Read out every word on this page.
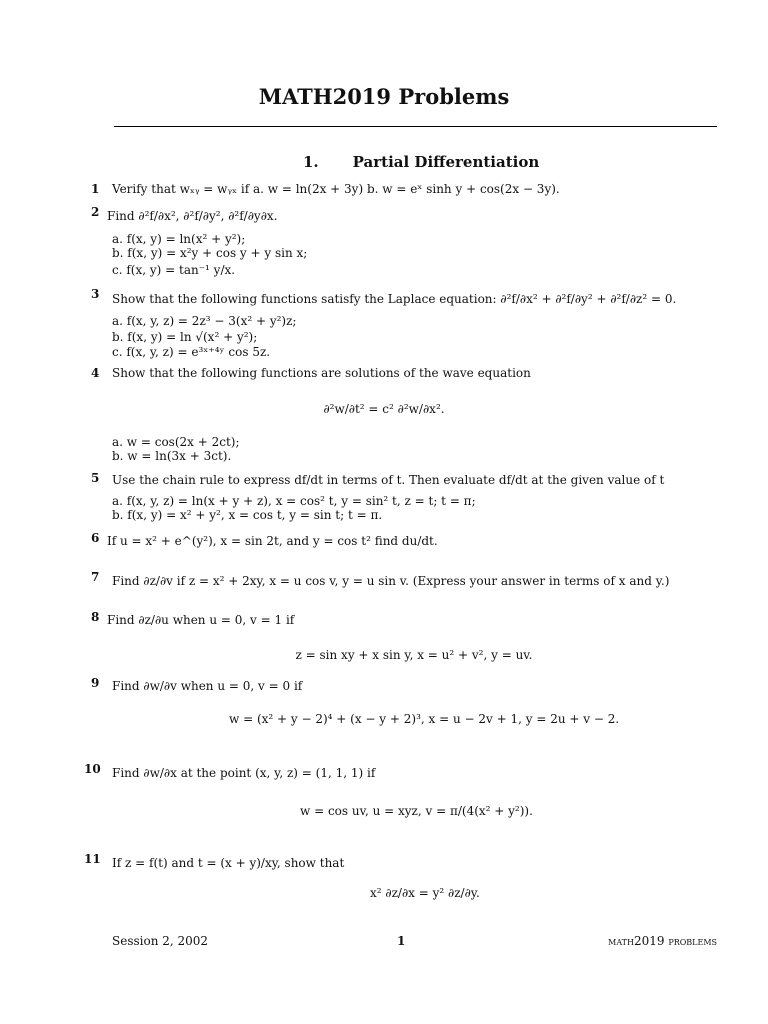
MATH2019 Problems
1. Partial Differentiation
1 Verify that wₓᵧ = wᵧₓ if a. w = ln(2x + 3y) b. w = eˣ sinh y + cos(2x − 3y).
2 Find ∂²f/∂x², ∂²f/∂y², ∂²f/∂y∂x.
a. f(x, y) = ln(x² + y²);
b. f(x, y) = x²y + cos y + y sin x;
c. f(x, y) = tan⁻¹ y/x.
3 Show that the following functions satisfy the Laplace equation: ∂²f/∂x² + ∂²f/∂y² + ∂²f/∂z² = 0.
a. f(x, y, z) = 2z³ − 3(x² + y²)z;
b. f(x, y) = ln √(x² + y²);
c. f(x, y, z) = e³ˣ⁺⁴ʸ cos 5z.
4 Show that the following functions are solutions of the wave equation
∂²w/∂t² = c² ∂²w/∂x².
a. w = cos(2x + 2ct);
b. w = ln(3x + 3ct).
5 Use the chain rule to express df/dt in terms of t. Then evaluate df/dt at the given value of t
a. f(x, y, z) = ln(x + y + z), x = cos² t, y = sin² t, z = t; t = π;
b. f(x, y) = x² + y², x = cos t, y = sin t; t = π.
6 If u = x² + e^(y²), x = sin 2t, and y = cos t² find du/dt.
7 Find ∂z/∂v if z = x² + 2xy, x = u cos v, y = u sin v. (Express your answer in terms of x and y.)
8 Find ∂z/∂u when u = 0, v = 1 if
z = sin xy + x sin y, x = u² + v², y = uv.
9 Find ∂w/∂v when u = 0, v = 0 if
w = (x² + y − 2)⁴ + (x − y + 2)³, x = u − 2v + 1, y = 2u + v − 2.
10 Find ∂w/∂x at the point (x, y, z) = (1, 1, 1) if
w = cos uv, u = xyz, v = π/(4(x² + y²)).
11 If z = f(t) and t = (x + y)/xy, show that
x² ∂z/∂x = y² ∂z/∂y.
Session 2, 2002	1	math2019 problems
